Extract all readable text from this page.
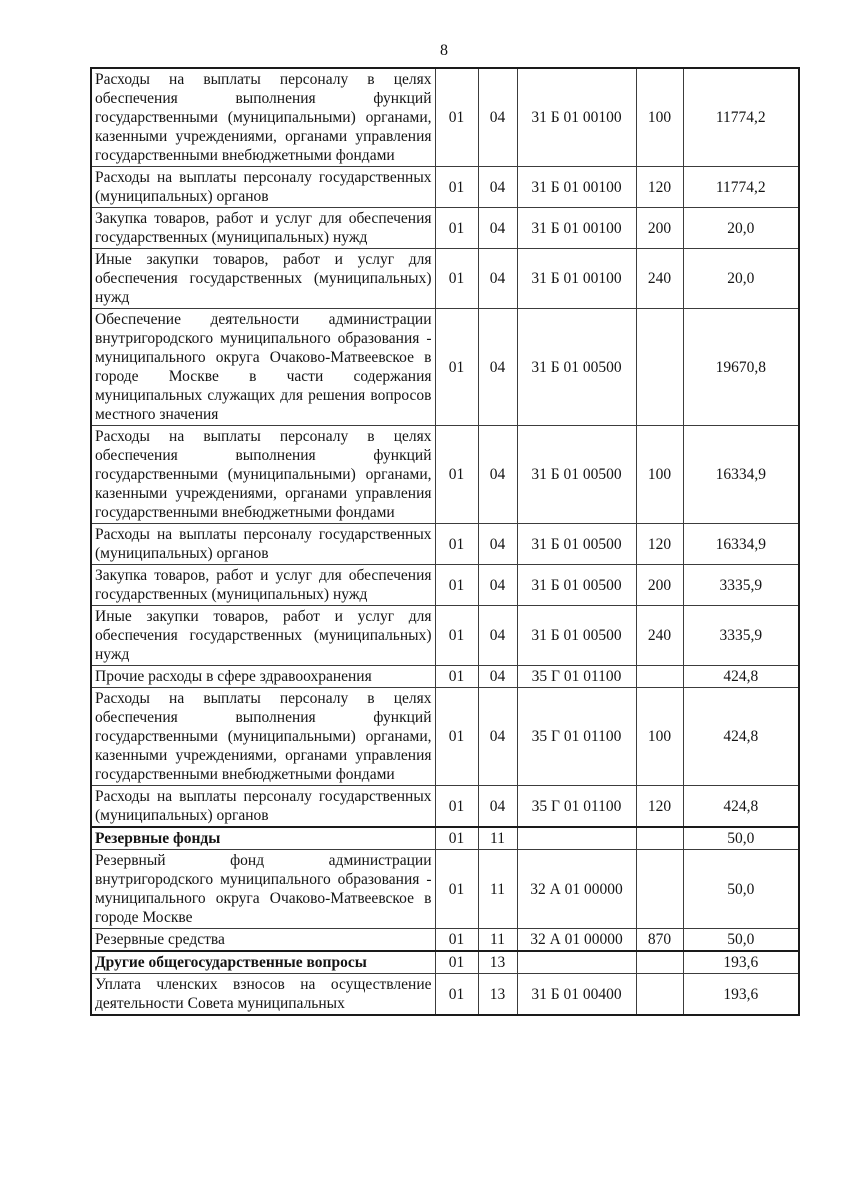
8
Расходы на выплаты персоналу в целях обеспечения выполнения функций государственными (муниципальными) органами, казенными учреждениями, органами управления государственными внебюджетными фондами	01	04	31 Б 01 00100	100	11774,2
Расходы на выплаты персоналу государственных (муниципальных) органов	01	04	31 Б 01 00100	120	11774,2
Закупка товаров, работ и услуг для обеспечения государственных (муниципальных) нужд	01	04	31 Б 01 00100	200	20,0
Иные закупки товаров, работ и услуг для обеспечения государственных (муниципальных) нужд	01	04	31 Б 01 00100	240	20,0
Обеспечение деятельности администрации внутригородского муниципального образования - муниципального округа Очаково-Матвеевское в городе Москве в части содержания муниципальных служащих для решения вопросов местного значения	01	04	31 Б 01 00500		19670,8
Расходы на выплаты персоналу в целях обеспечения выполнения функций государственными (муниципальными) органами, казенными учреждениями, органами управления государственными внебюджетными фондами	01	04	31 Б 01 00500	100	16334,9
Расходы на выплаты персоналу государственных (муниципальных) органов	01	04	31 Б 01 00500	120	16334,9
Закупка товаров, работ и услуг для обеспечения государственных (муниципальных) нужд	01	04	31 Б 01 00500	200	3335,9
Иные закупки товаров, работ и услуг для обеспечения государственных (муниципальных) нужд	01	04	31 Б 01 00500	240	3335,9
Прочие расходы в сфере здравоохранения	01	04	35 Г 01 01100		424,8
Расходы на выплаты персоналу в целях обеспечения выполнения функций государственными (муниципальными) органами, казенными учреждениями, органами управления государственными внебюджетными фондами	01	04	35 Г 01 01100	100	424,8
Расходы на выплаты персоналу государственных (муниципальных) органов	01	04	35 Г 01 01100	120	424,8
Резервные фонды	01	11			50,0
Резервный фонд администрации внутригородского муниципального образования - муниципального округа Очаково-Матвеевское в городе Москве	01	11	32 А 01 00000		50,0
Резервные средства	01	11	32 А 01 00000	870	50,0
Другие общегосударственные вопросы	01	13			193,6
Уплата членских взносов на осуществление деятельности Совета муниципальных	01	13	31 Б 01 00400		193,6
